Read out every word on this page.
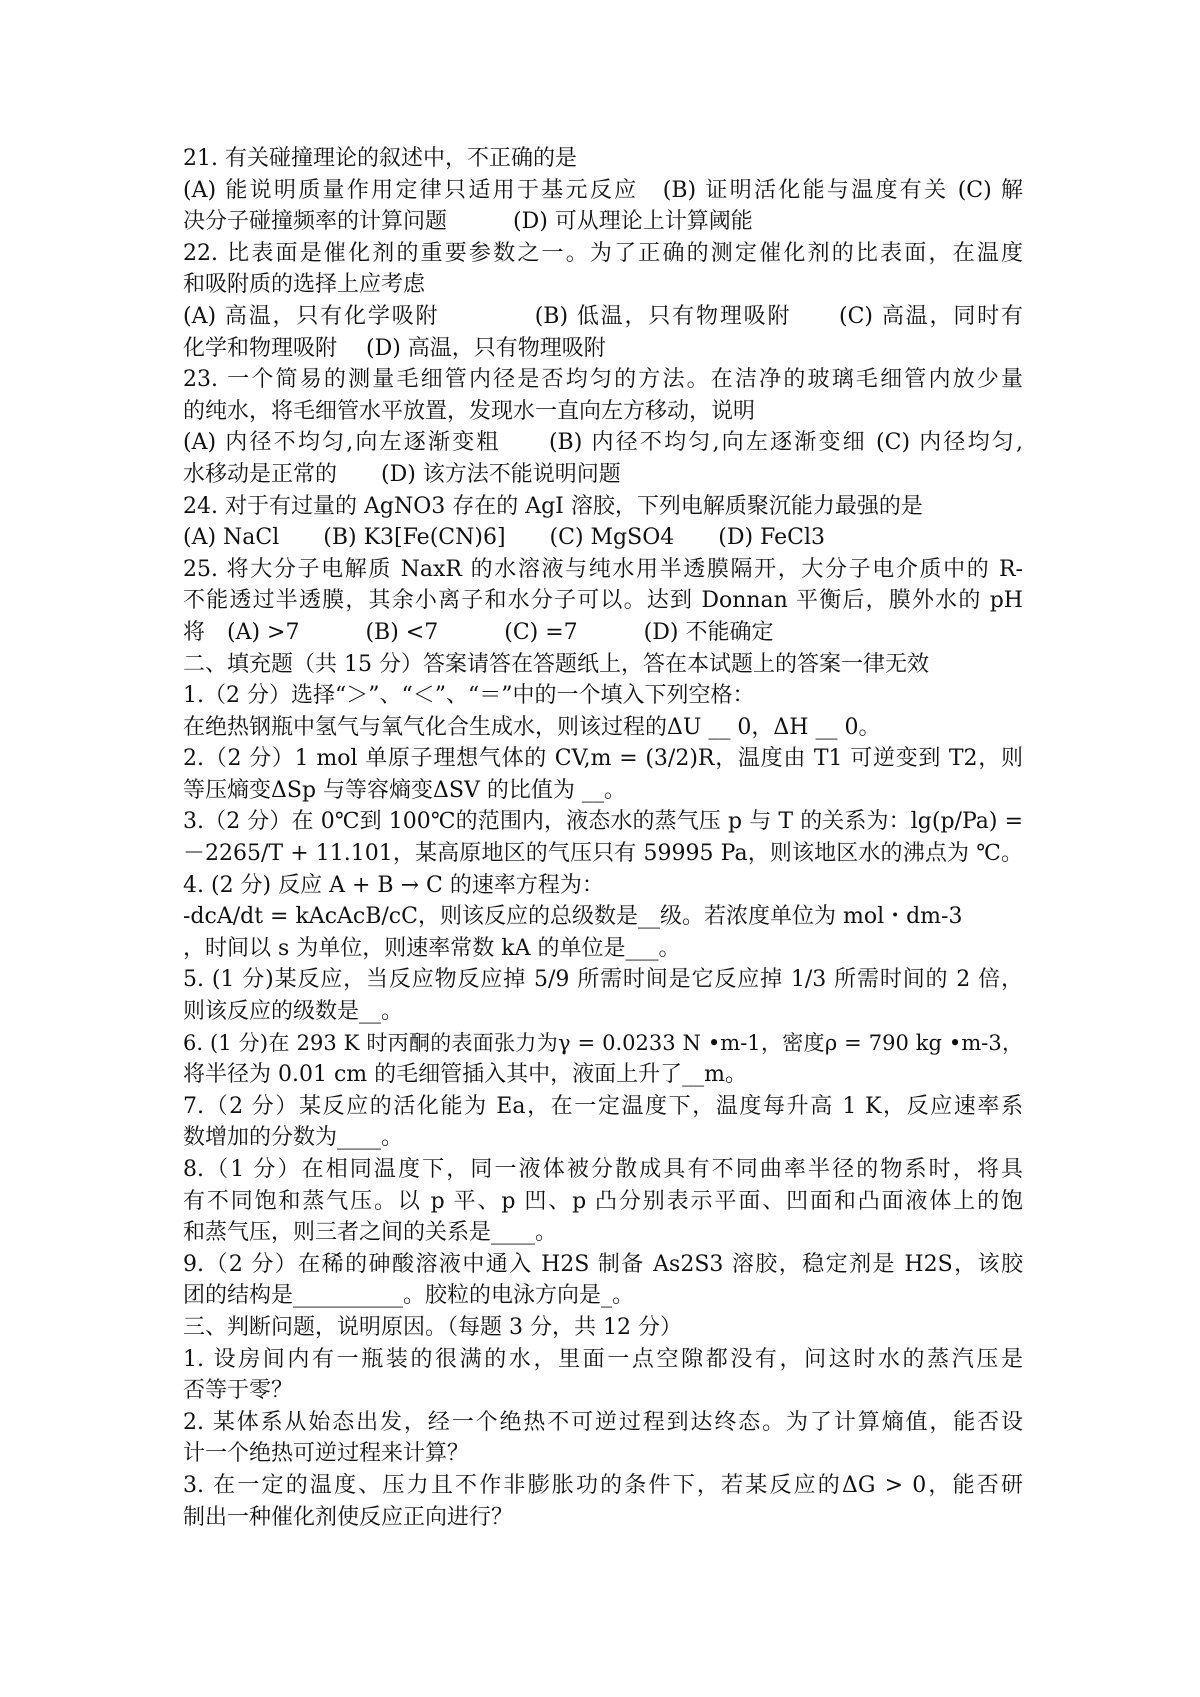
21. 有关碰撞理论的叙述中，不正确的是
(A) 能说明质量作用定律只适用于基元反应　(B) 证明活化能与温度有关 (C) 解
决分子碰撞频率的计算问题　　　(D) 可从理论上计算阈能
22. 比表面是催化剂的重要参数之一。为了正确的测定催化剂的比表面，在温度
和吸附质的选择上应考虑
(A) 高温，只有化学吸附　　　　(B) 低温，只有物理吸附　　(C) 高温，同时有
化学和物理吸附　 (D) 高温，只有物理吸附
23. 一个简易的测量毛细管内径是否均匀的方法。在洁净的玻璃毛细管内放少量
的纯水，将毛细管水平放置，发现水一直向左方移动，说明
(A) 内径不均匀,向左逐渐变粗　　(B) 内径不均匀,向左逐渐变细 (C) 内径均匀,
水移动是正常的　　(D) 该方法不能说明问题
24. 对于有过量的 AgNO3 存在的 AgI 溶胶，下列电解质聚沉能力最强的是
(A) NaCl　　(B) K3[Fe(CN)6]　　(C) MgSO4　　(D) FeCl3
25. 将大分子电解质 NaxR 的水溶液与纯水用半透膜隔开，大分子电介质中的 R-
不能透过半透膜，其余小离子和水分子可以。达到 Donnan 平衡后，膜外水的 pH
将　(A) >7　　　(B) <7　　　(C) =7　　　(D) 不能确定
二、填充题（共 15 分）答案请答在答题纸上，答在本试题上的答案一律无效
1.（2 分）选择“＞”、“＜”、“＝”中的一个填入下列空格：
在绝热钢瓶中氢气与氧气化合生成水，则该过程的ΔU __ 0，ΔH __ 0。
2.（2 分）1 mol 单原子理想气体的 CV,m = (3/2)R，温度由 T1 可逆变到 T2，则
等压熵变ΔSp 与等容熵变ΔSV 的比值为 __。
3.（2 分）在 0℃到 100℃的范围内，液态水的蒸气压 p 与 T 的关系为：lg(p/Pa) =
－2265/T + 11.101，某高原地区的气压只有 59995 Pa，则该地区水的沸点为 ℃。
4. (2 分) 反应 A + B → C 的速率方程为：
-dcA/dt = kAcAcB/cC，则该反应的总级数是__级。若浓度单位为 mol・dm-3
，时间以 s 为单位，则速率常数 kA 的单位是___。
5. (1 分)某反应，当反应物反应掉 5/9 所需时间是它反应掉 1/3 所需时间的 2 倍，
则该反应的级数是__。
6. (1 分)在 293 K 时丙酮的表面张力为γ = 0.0233 N •m-1，密度ρ = 790 kg •m-3，
将半径为 0.01 cm 的毛细管插入其中，液面上升了__m。
7.（2 分）某反应的活化能为 Ea，在一定温度下，温度每升高 1 K，反应速率系
数增加的分数为____。
8.（1 分）在相同温度下，同一液体被分散成具有不同曲率半径的物系时，将具
有不同饱和蒸气压。以 p 平、p 凹、p 凸分别表示平面、凹面和凸面液体上的饱
和蒸气压，则三者之间的关系是____。
9.（2 分）在稀的砷酸溶液中通入 H2S 制备 As2S3 溶胶，稳定剂是 H2S，该胶
团的结构是__________。胶粒的电泳方向是_。
三、判断问题，说明原因。（每题 3 分，共 12 分）
1. 设房间内有一瓶装的很满的水，里面一点空隙都没有，问这时水的蒸汽压是
否等于零？
2. 某体系从始态出发，经一个绝热不可逆过程到达终态。为了计算熵值，能否设
计一个绝热可逆过程来计算？
3. 在一定的温度、压力且不作非膨胀功的条件下，若某反应的ΔG > 0，能否研
制出一种催化剂使反应正向进行？
